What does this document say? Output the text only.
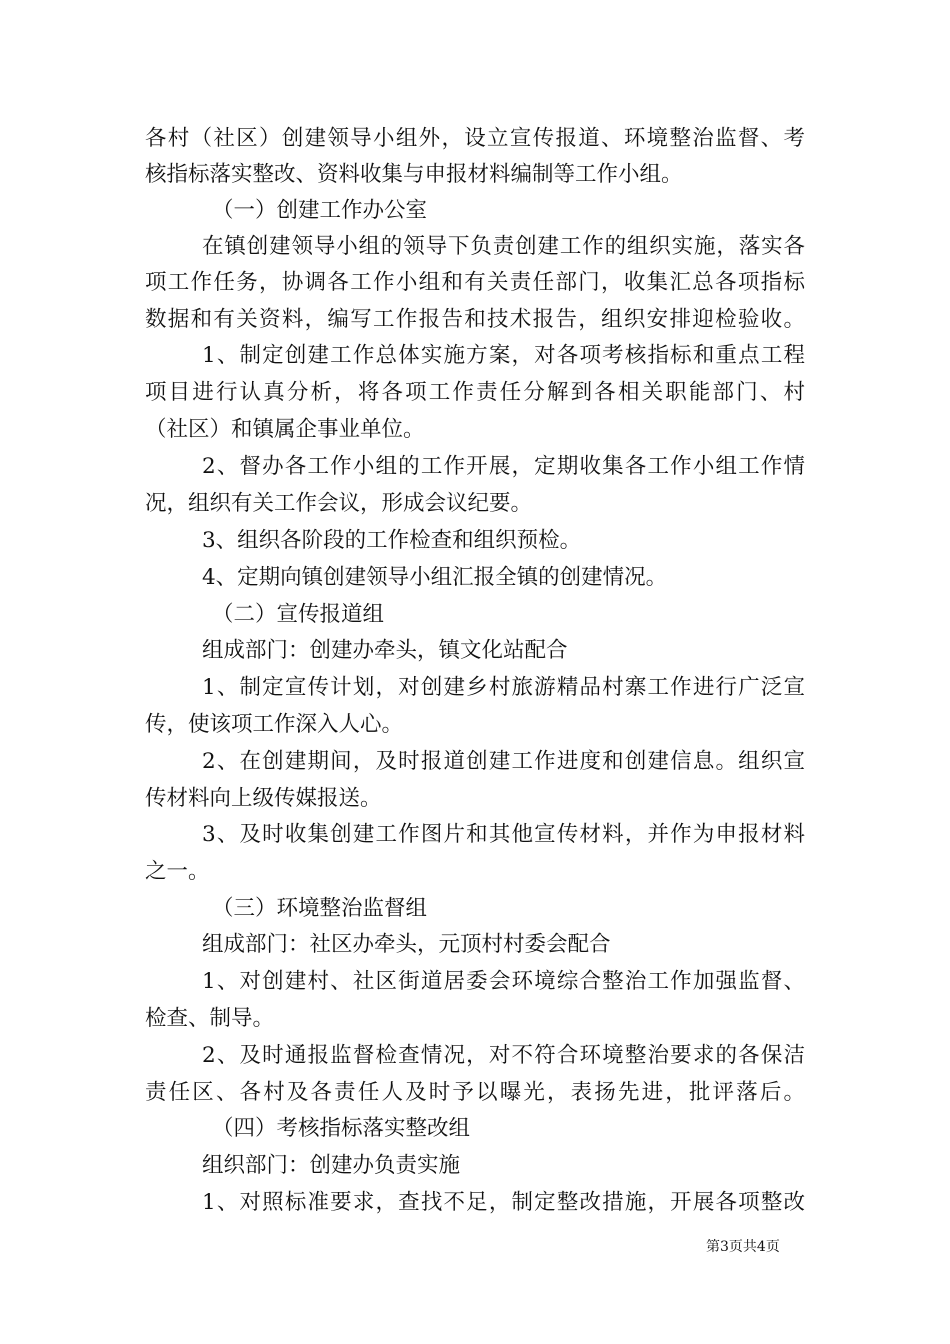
各村（社区）创建领导小组外，设立宣传报道、环境整治监督、考
核指标落实整改、资料收集与申报材料编制等工作小组。
（一）创建工作办公室
在镇创建领导小组的领导下负责创建工作的组织实施，落实各
项工作任务，协调各工作小组和有关责任部门，收集汇总各项指标
数据和有关资料，编写工作报告和技术报告，组织安排迎检验收。
1、制定创建工作总体实施方案，对各项考核指标和重点工程
项目进行认真分析，将各项工作责任分解到各相关职能部门、村
（社区）和镇属企事业单位。
2、督办各工作小组的工作开展，定期收集各工作小组工作情
况，组织有关工作会议，形成会议纪要。
3、组织各阶段的工作检查和组织预检。
4、定期向镇创建领导小组汇报全镇的创建情况。
（二）宣传报道组
组成部门：创建办牵头，镇文化站配合
1、制定宣传计划，对创建乡村旅游精品村寨工作进行广泛宣
传，使该项工作深入人心。
2、在创建期间，及时报道创建工作进度和创建信息。组织宣
传材料向上级传媒报送。
3、及时收集创建工作图片和其他宣传材料，并作为申报材料
之一。
（三）环境整治监督组
组成部门：社区办牵头，元顶村村委会配合
1、对创建村、社区街道居委会环境综合整治工作加强监督、
检查、制导。
2、及时通报监督检查情况，对不符合环境整治要求的各保洁
责任区、各村及各责任人及时予以曝光，表扬先进，批评落后。
（四）考核指标落实整改组
组织部门：创建办负责实施
1、对照标准要求，查找不足，制定整改措施，开展各项整改
第3页共4页
